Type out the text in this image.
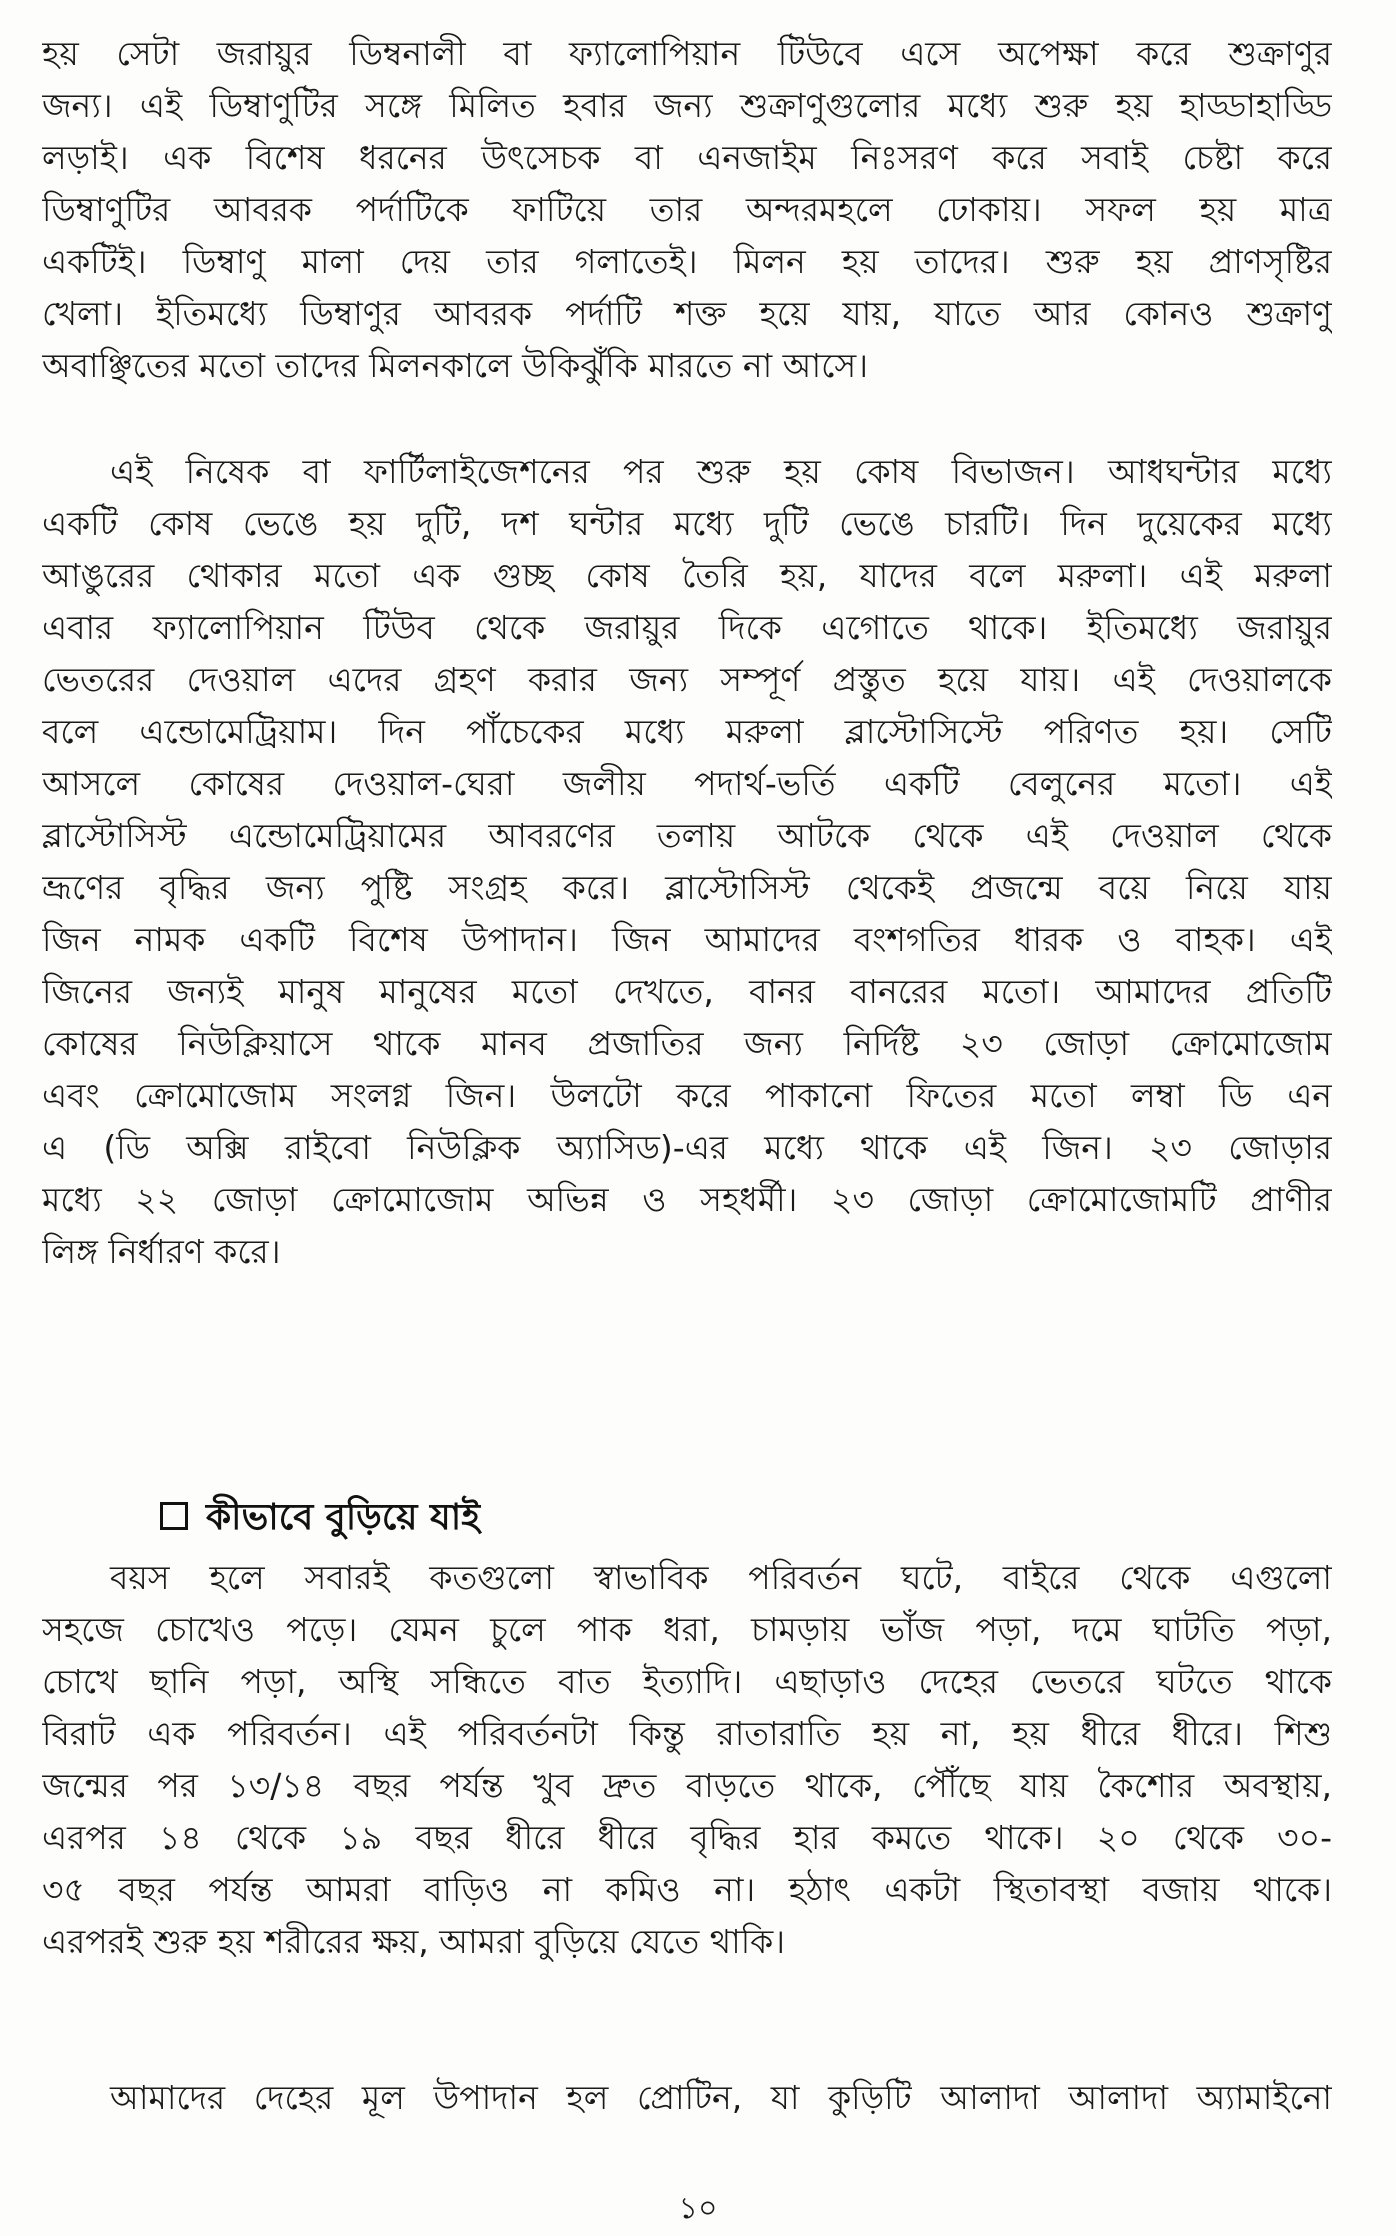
হয় সেটা জরায়ুর ডিম্বনালী বা ফ্যালোপিয়ান টিউবে এসে অপেক্ষা করে শুক্রাণুর
জন্য। এই ডিম্বাণুটির সঙ্গে মিলিত হবার জন্য শুক্রাণুগুলোর মধ্যে শুরু হয় হাড্ডাহাড্ডি
লড়াই। এক বিশেষ ধরনের উৎসেচক বা এনজাইম নিঃসরণ করে সবাই চেষ্টা করে
ডিম্বাণুটির আবরক পর্দাটিকে ফাটিয়ে তার অন্দরমহলে ঢোকায়। সফল হয় মাত্র
একটিই। ডিম্বাণু মালা দেয় তার গলাতেই। মিলন হয় তাদের। শুরু হয় প্রাণসৃষ্টির
খেলা। ইতিমধ্যে ডিম্বাণুর আবরক পর্দাটি শক্ত হয়ে যায়, যাতে আর কোনও শুক্রাণু
অবাঞ্ছিতের মতো তাদের মিলনকালে উকিঝুঁকি মারতে না আসে।
এই নিষেক বা ফার্টিলাইজেশনের পর শুরু হয় কোষ বিভাজন। আধঘন্টার মধ্যে
একটি কোষ ভেঙে হয় দুটি, দশ ঘন্টার মধ্যে দুটি ভেঙে চারটি। দিন দুয়েকের মধ্যে
আঙুরের থোকার মতো এক গুচ্ছ কোষ তৈরি হয়, যাদের বলে মরুলা। এই মরুলা
এবার ফ্যালোপিয়ান টিউব থেকে জরায়ুর দিকে এগোতে থাকে। ইতিমধ্যে জরায়ুর
ভেতরের দেওয়াল এদের গ্রহণ করার জন্য সম্পূর্ণ প্রস্তুত হয়ে যায়। এই দেওয়ালকে
বলে এন্ডোমেট্রিয়াম। দিন পাঁচেকের মধ্যে মরুলা ব্লাস্টোসিস্টে পরিণত হয়। সেটি
আসলে কোষের দেওয়াল-ঘেরা জলীয় পদার্থ-ভর্তি একটি বেলুনের মতো। এই
ব্লাস্টোসিস্ট এন্ডোমেট্রিয়ামের আবরণের তলায় আটকে থেকে এই দেওয়াল থেকে
ভ্রূণের বৃদ্ধির জন্য পুষ্টি সংগ্রহ করে। ব্লাস্টোসিস্ট থেকেই প্রজন্মে বয়ে নিয়ে যায়
জিন নামক একটি বিশেষ উপাদান। জিন আমাদের বংশগতির ধারক ও বাহক। এই
জিনের জন্যই মানুষ মানুষের মতো দেখতে, বানর বানরের মতো। আমাদের প্রতিটি
কোষের নিউক্লিয়াসে থাকে মানব প্রজাতির জন্য নির্দিষ্ট ২৩ জোড়া ক্রোমোজোম
এবং ক্রোমোজোম সংলগ্ন জিন। উলটো করে পাকানো ফিতের মতো লম্বা ডি এন
এ (ডি অক্সি রাইবো নিউক্লিক অ্যাসিড)-এর মধ্যে থাকে এই জিন। ২৩ জোড়ার
মধ্যে ২২ জোড়া ক্রোমোজোম অভিন্ন ও সহধর্মী। ২৩ জোড়া ক্রোমোজোমটি প্রাণীর
লিঙ্গ নির্ধারণ করে।
কীভাবে বুড়িয়ে যাই
বয়স হলে সবারই কতগুলো স্বাভাবিক পরিবর্তন ঘটে, বাইরে থেকে এগুলো
সহজে চোখেও পড়ে। যেমন চুলে পাক ধরা, চামড়ায় ভাঁজ পড়া, দমে ঘাটতি পড়া,
চোখে ছানি পড়া, অস্থি সন্ধিতে বাত ইত্যাদি। এছাড়াও দেহের ভেতরে ঘটতে থাকে
বিরাট এক পরিবর্তন। এই পরিবর্তনটা কিন্তু রাতারাতি হয় না, হয় ধীরে ধীরে। শিশু
জন্মের পর ১৩/১৪ বছর পর্যন্ত খুব দ্রুত বাড়তে থাকে, পৌঁছে যায় কৈশোর অবস্থায়,
এরপর ১৪ থেকে ১৯ বছর ধীরে ধীরে বৃদ্ধির হার কমতে থাকে। ২০ থেকে ৩০-
৩৫ বছর পর্যন্ত আমরা বাড়িও না কমিও না। হঠাৎ একটা স্থিতাবস্থা বজায় থাকে।
এরপরই শুরু হয় শরীরের ক্ষয়, আমরা বুড়িয়ে যেতে থাকি।
আমাদের দেহের মূল উপাদান হল প্রোটিন, যা কুড়িটি আলাদা আলাদা অ্যামাইনো
১০
